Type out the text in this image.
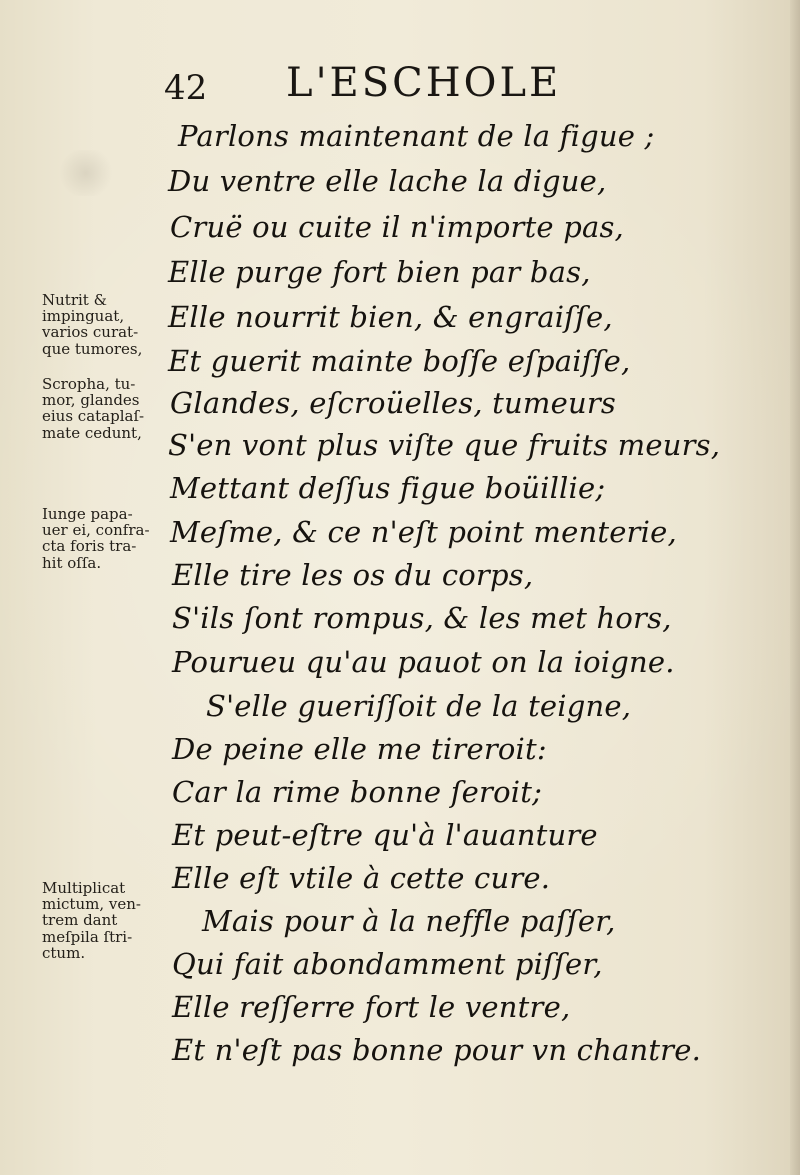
42 L'ESCHOLE
Parlons maintenant de la figue ;
Du ventre elle lache la digue,
Cruë ou cuite il n'importe pas,
Elle purge fort bien par bas,
Elle nourrit bien, & engraiſſe,
Et guerit mainte boſſe eſpaiſſe,
Glandes, eſcroüelles, tumeurs
S'en vont plus viſte que fruits meurs,
Mettant deſſus figue boüillie;
Meſme, & ce n'eſt point menterie,
Elle tire les os du corps,
S'ils ſont rompus, & les met hors,
Pourueu qu'au pauot on la ioigne.
S'elle gueriſſoit de la teigne,
De peine elle me tireroit:
Car la rime bonne ſeroit;
Et peut-eſtre qu'à l'auanture
Elle eſt vtile à cette cure.
Mais pour à la neffle paſſer,
Qui fait abondamment piſſer,
Elle reſſerre fort le ventre,
Et n'eſt pas bonne pour vn chantre.
Nutrit &
impinguat,
varios curat-
que tumores,
Scropha, tu-
mor, glandes
eius cataplaſ-
mate cedunt,
Iunge papa-
uer ei, confra-
cta foris tra-
hit oſſa.
Multiplicat
mictum, ven-
trem dant
meſpila ſtri-
ctum.
